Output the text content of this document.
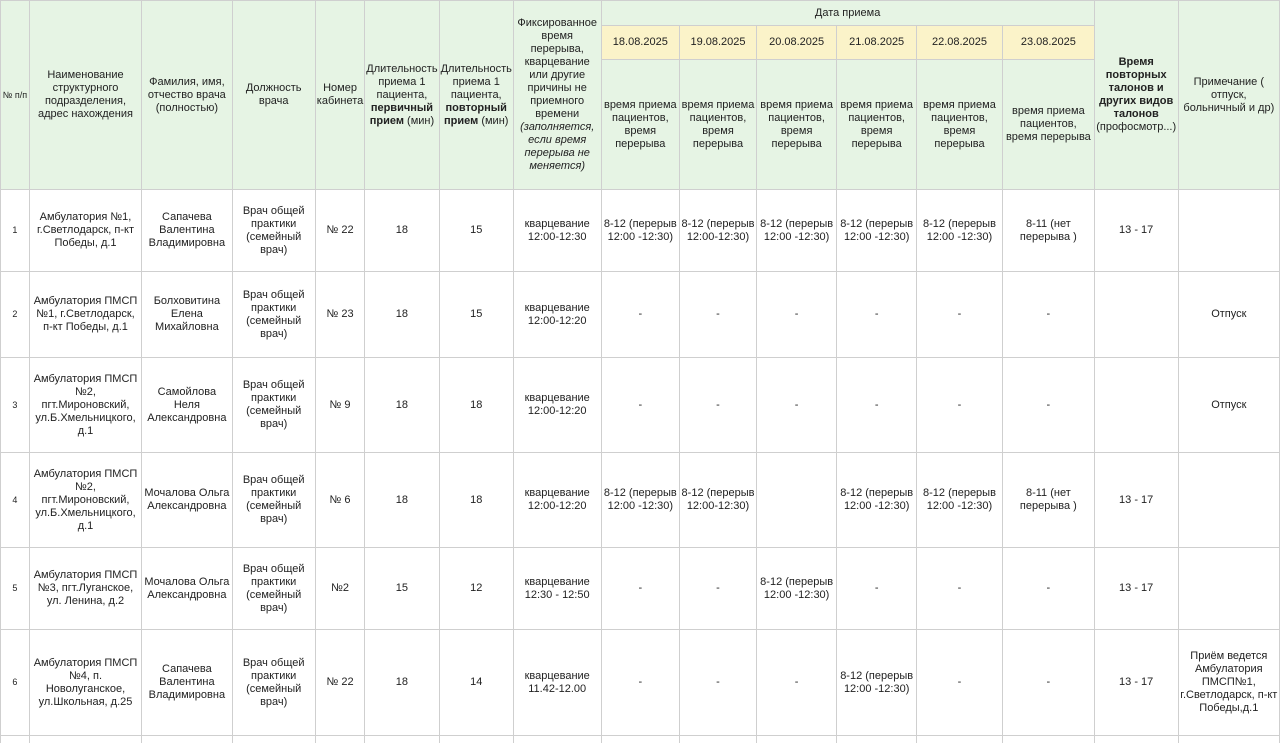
№ п/п	Наименование структурного подразделения, адрес нахождения	Фамилия, имя, отчество врача (полностью)	Должность врача	Номер кабинета	Длительность приема 1 пациента, первичный прием (мин)	Длительность приема 1 пациента, повторный прием (мин)	Фиксированное время перерыва, кварцевание или другие причины не приемного времени (заполняется, если время перерыва не меняется)	Дата приема						Время повторных талонов и других видов талонов (профосмотр...)	Примечание ( отпуск, больничный и др)
								18.08.2025	19.08.2025	20.08.2025	21.08.2025	22.08.2025	23.08.2025		
								время приема пациентов, время перерыва	время приема пациентов, время перерыва	время приема пациентов, время перерыва	время приема пациентов, время перерыва	время приема пациентов, время перерыва	время приема пациентов, время перерыва		
1	Амбулатория №1, г.Светлодарск, п-кт Победы, д.1	Сапачева Валентина Владимировна	Врач общей практики (семейный врач)	№ 22	18	15	кварцевание 12:00-12:30	8-12 (перерыв 12:00 -12:30)	8-12 (перерыв 12:00-12:30)	8-12 (перерыв 12:00 -12:30)	8-12 (перерыв 12:00 -12:30)	8-12 (перерыв 12:00 -12:30)	8-11 (нет перерыва )	13 - 17	
2	Амбулатория ПМСП №1, г.Светлодарск, п-кт Победы, д.1	Болховитина Елена Михайловна	Врач общей практики (семейный врач)	№ 23	18	15	кварцевание 12:00-12:20	-	-	-	-	-	-		Отпуск
3	Амбулатория ПМСП №2, пгт.Мироновский, ул.Б.Хмельницкого, д.1	Самойлова Неля Александровна	Врач общей практики (семейный врач)	№ 9	18	18	кварцевание 12:00-12:20	-	-	-	-	-	-		Отпуск
4	Амбулатория ПМСП №2, пгт.Мироновский, ул.Б.Хмельницкого, д.1	Мочалова Ольга Александровна	Врач общей практики (семейный врач)	№ 6	18	18	кварцевание 12:00-12:20	8-12 (перерыв 12:00 -12:30)	8-12 (перерыв 12:00-12:30)		8-12 (перерыв 12:00 -12:30)	8-12 (перерыв 12:00 -12:30)	8-11 (нет перерыва )	13 - 17	
5	Амбулатория ПМСП №3, пгт.Луганское, ул. Ленина, д.2	Мочалова Ольга Александровна	Врач общей практики (семейный врач)	№2	15	12	кварцевание 12:30 - 12:50	-	-	8-12 (перерыв 12:00 -12:30)	-	-	-	13 - 17	
6	Амбулатория ПМСП №4, п. Новолуганское, ул.Школьная, д.25	Сапачева Валентина Владимировна	Врач общей практики (семейный врач)	№ 22	18	14	кварцевание 11.42-12.00	-	-	-	8-12 (перерыв 12:00 -12:30)	-	-	13 - 17	Приём ведется Амбулатория ПМСП№1, г.Светлодарск, п-кт Победы,д.1
